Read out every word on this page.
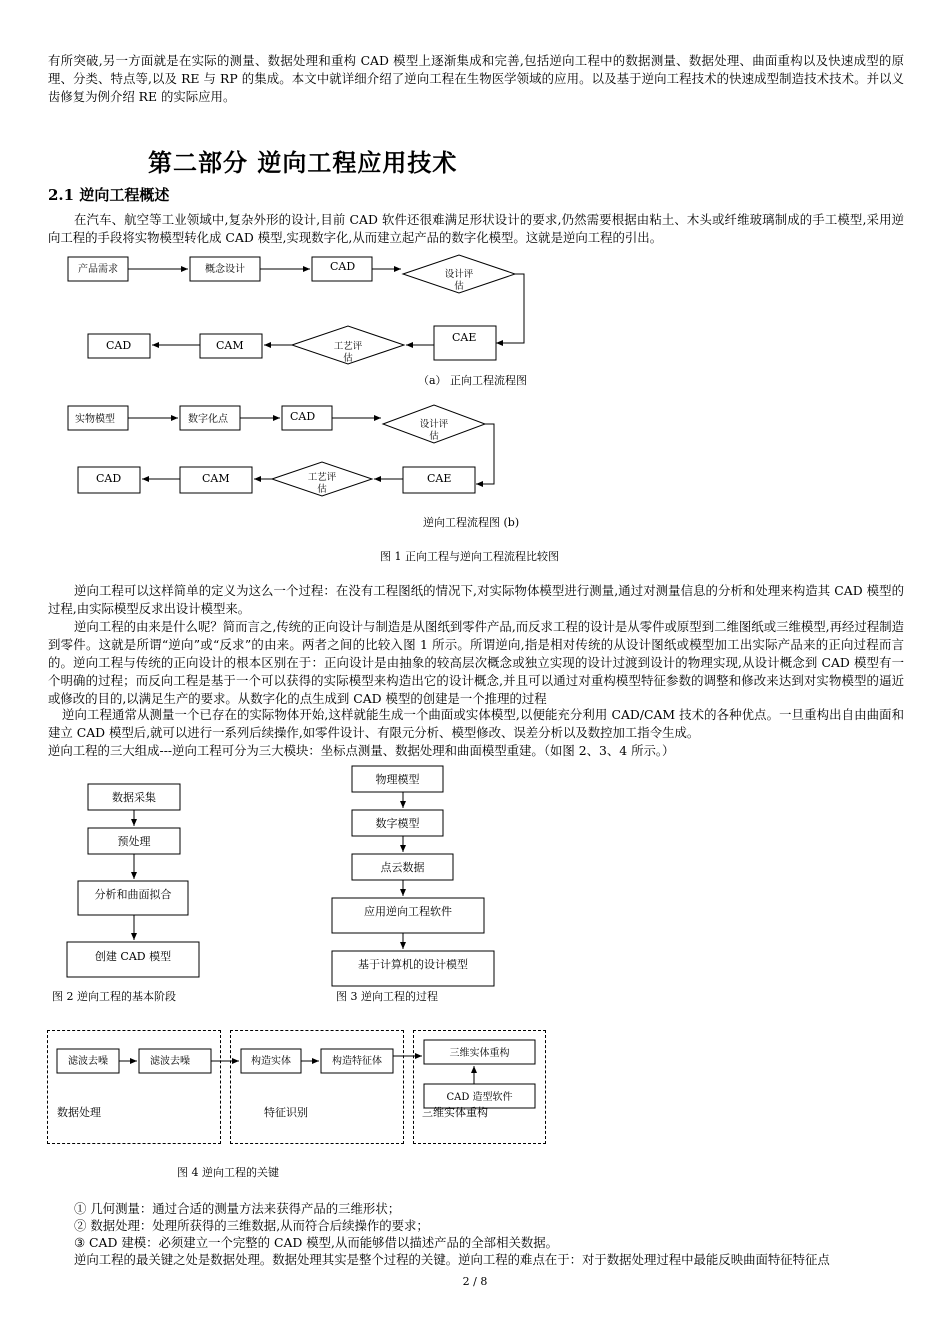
有所突破,另一方面就是在实际的测量、数据处理和重构 CAD 模型上逐渐集成和完善,包括逆向工程中的数据测量、数据处理、曲面重构以及快速成型的原理、分类、特点等,以及 RE 与 RP 的集成。本文中就详细介绍了逆向工程在生物医学领域的应用。以及基于逆向工程技术的快速成型制造技术技术。并以义齿修复为例介绍 RE 的实际应用。
第二部分 逆向工程应用技术
2.1 逆向工程概述
在汽车、航空等工业领域中,复杂外形的设计,目前 CAD 软件还很难满足形状设计的要求,仍然需要根据由粘土、木头或纤维玻璃制成的手工模型,采用逆向工程的手段将实物模型转化成 CAD 模型,实现数字化,从而建立起产品的数字化模型。这就是逆向工程的引出。
产品需求	概念设计	CAD
设计评估
CAD	CAM	工艺评估
CAE
（a） 正向工程流程图
实物模型	数字化点	CAD
设计评估
CAD	CAM	工艺评估
CAE
逆向工程流程图 (b)
图 1 正向工程与逆向工程流程比较图
逆向工程可以这样简单的定义为这么一个过程：在没有工程图纸的情况下,对实际物体模型进行测量,通过对测量信息的分析和处理来构造其 CAD 模型的过程,由实际模型反求出设计模型来。
逆向工程的由来是什么呢？简而言之,传统的正向设计与制造是从图纸到零件产品,而反求工程的设计是从零件或原型到二维图纸或三维模型,再经过程制造到零件。这就是所谓“逆向”或“反求”的由来。两者之间的比较入图 1 所示。所谓逆向,指是相对传统的从设计图纸或模型加工出实际产品来的正向过程而言的。逆向工程与传统的正向设计的根本区别在于：正向设计是由抽象的较高层次概念或独立实现的设计过渡到设计的物理实现,从设计概念到 CAD 模型有一个明确的过程；而反向工程是基于一个可以获得的实际模型来构造出它的设计概念,并且可以通过对重构模型特征参数的调整和修改来达到对实物模型的逼近或修改的目的,以满足生产的要求。从数字化的点生成到 CAD 模型的创建是一个推理的过程
逆向工程通常从测量一个已存在的实际物体开始,这样就能生成一个曲面或实体模型,以便能充分利用 CAD/CAM 技术的各种优点。一旦重构出自由曲面和建立 CAD 模型后,就可以进行一系列后续操作,如零件设计、有限元分析、模型修改、误差分析以及数控加工指令生成。
逆向工程的三大组成---逆向工程可分为三大模块：坐标点测量、数据处理和曲面模型重建。（如图 2、3、4 所示。）
数据采集
预处理
分析和曲面拟合
创建 CAD 模型
图 2 逆向工程的基本阶段
物理模型
数字模型
点云数据
应用逆向工程软件
基于计算机的设计模型
图 3 逆向工程的过程
滤波去噪	滤波去噪	构造实体	构造特征体
三维实体重构
CAD 造型软件
数据处理	特征识别	三维实体重构
图 4 逆向工程的关键
① 几何测量：通过合适的测量方法来获得产品的三维形状；
② 数据处理：处理所获得的三维数据,从而符合后续操作的要求；
③ CAD 建模：必须建立一个完整的 CAD 模型,从而能够借以描述产品的全部相关数据。
逆向工程的最关键之处是数据处理。数据处理其实是整个过程的关键。逆向工程的难点在于：对于数据处理过程中最能反映曲面特征特征点
2 / 8
